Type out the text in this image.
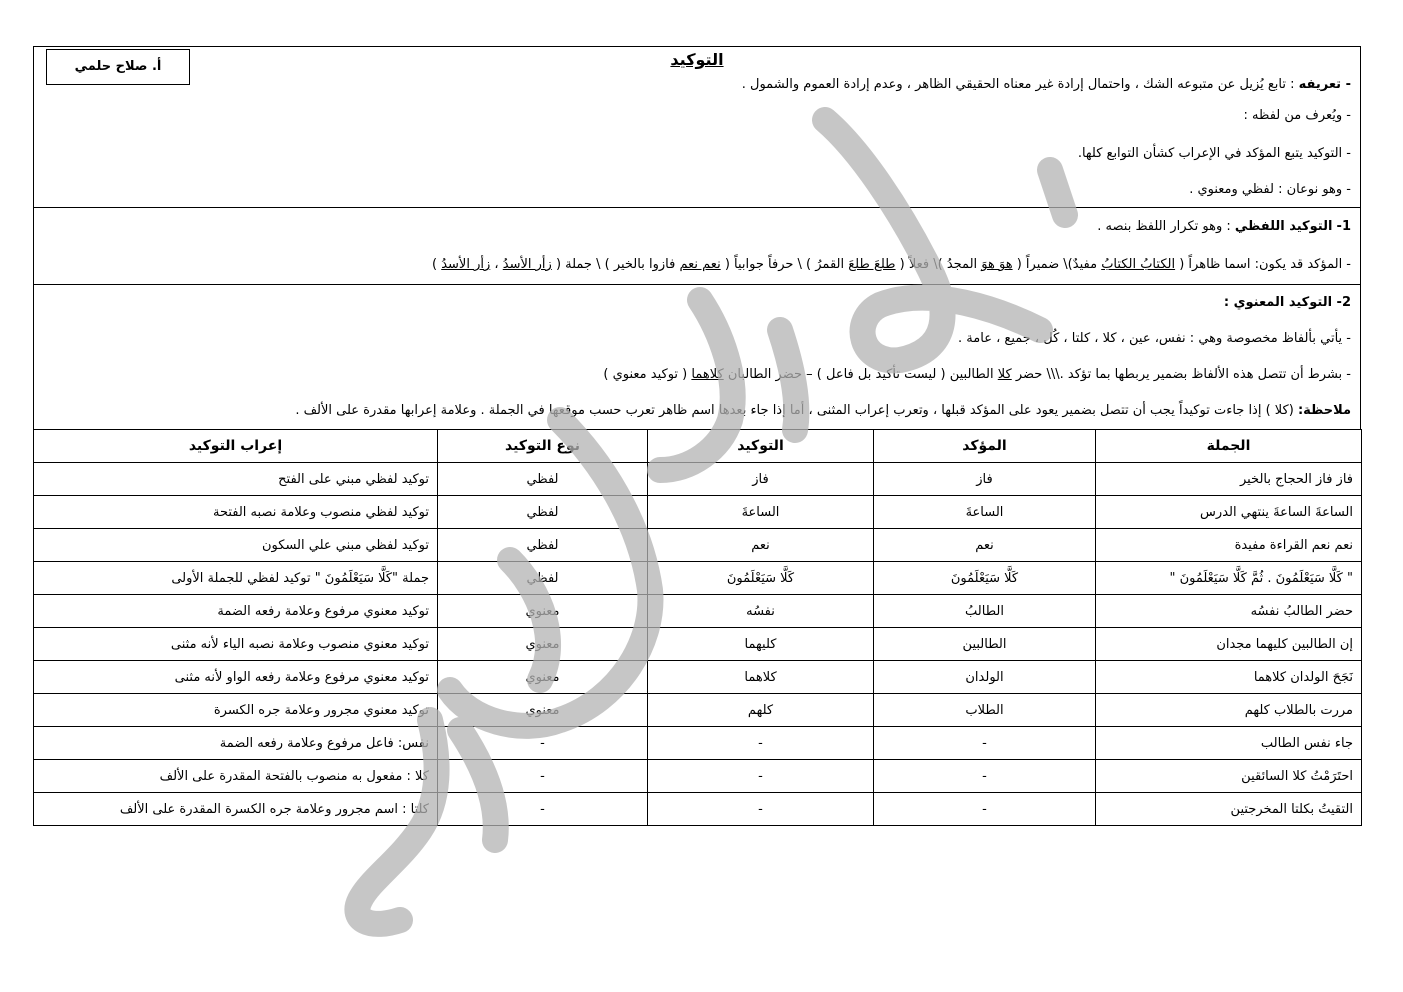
التوكيد
أ. صلاح حلمي
- تعريفه : تابع يُزيل عن متبوعه الشك ، واحتمال إرادة غير معناه الحقيقي الظاهر ، وعدم إرادة العموم والشمول .
- ويُعرف من لفظه :
- التوكيد يتبع المؤكد في الإعراب كشأن التوابع كلها.
- وهو نوعان : لفظي ومعنوي .
1- التوكيد اللفظي : وهو تكرار اللفظ بنصه .
- المؤكد قد يكون: اسما ظاهراً ( الكتابُ الكتابُ مفيدٌ)\ ضميراً ( هوَ هوَ المجدُ )\ فعلاً ( طلعَ طلعَ القمرُ ) \ حرفاً جوابياً ( نعم نعم فازوا بالخير ) \ جملة ( زأر الأسدُ ، زأر الأسدُ )
2- التوكيد المعنوي :
- يأتي بألفاظ مخصوصة وهي : نفس، عين ، كلا ، كلتا ، كُل ، جميع ، عامة .
- بشرط أن تتصل هذه الألفاظ بضمير يربطها بما تؤكد .\\\ حضر كلا الطالبين ( ليست تأكيد بل فاعل ) – حضر الطالبان كلاهما ( توكيد معنوي )
ملاحظة: (كلا ) إذا جاءت توكيداً يجب أن تتصل بضمير يعود على المؤكد قبلها ، وتعرب إعراب المثنى ، أما إذا جاء بعدها اسم ظاهر تعرب حسب موقعها في الجملة . وعلامة إعرابها مقدرة على الألف .
الجملة	المؤكد	التوكيد	نوع التوكيد	إعراب التوكيد
فاز فاز الحجاج بالخير	فاز	فاز	لفظي	توكيد لفظي مبني على الفتح
الساعةَ الساعةَ ينتهي الدرس	الساعةَ	الساعةَ	لفظي	توكيد لفظي منصوب وعلامة نصبه الفتحة
نعم نعم القراءة مفيدة	نعم	نعم	لفظي	توكيد لفظي مبني علي السكون
" كَلَّا سَيَعْلَمُونَ . ثُمَّ كَلَّا سَيَعْلَمُونَ "	كَلَّا سَيَعْلَمُونَ	كَلَّا سَيَعْلَمُونَ	لفظي	جملة "كَلَّا سَيَعْلَمُونَ " توكيد لفظي للجملة الأولى
حضر الطالبُ نفسُه	الطالبُ	نفسُه	معنوي	توكيد معنوي مرفوع وعلامة رفعه الضمة
إن الطالبين كليهما مجدان	الطالبين	كليهما	معنوي	توكيد معنوي منصوب وعلامة نصبه الياء لأنه مثنى
نَجَحَ الولدان كلاهما	الولدان	كلاهما	معنوي	توكيد معنوي مرفوع وعلامة رفعه الواو لأنه مثنى
مررت بالطلاب كلهم	الطلاب	كلهم	معنوي	توكيد معنوي مجرور وعلامة جره الكسرة
جاء نفس الطالب	-	-	-	نفس: فاعل مرفوع وعلامة رفعه الضمة
احتَرَمْتُ كلا السائقين	-	-	-	كلا : مفعول به منصوب بالفتحة المقدرة على الألف
التقيتُ بكلتا المخرجتين	-	-	-	كلتا : اسم مجرور وعلامة جره الكسرة المقدرة على الألف
